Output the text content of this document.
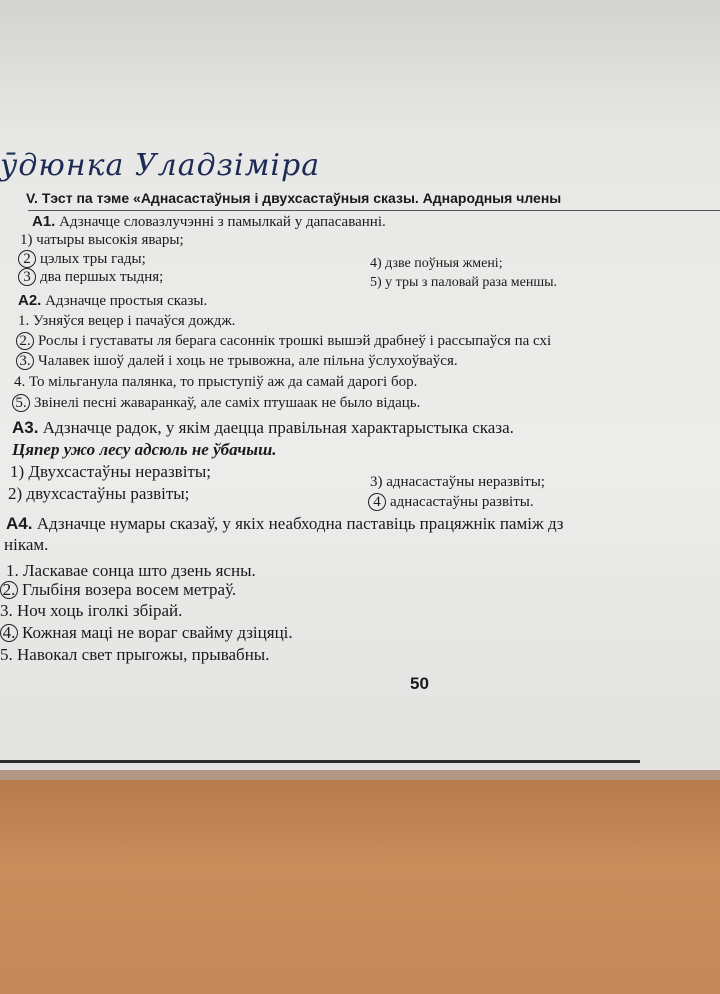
ӯдюнка Уладзіміра
V. Тэст па тэме «Аднасастаўныя і двухсастаўныя сказы. Аднародныя члены
А1. Адзначце словазлучэнні з памылкай у дапасаванні.
1) чатыры высокія явары;
2 цэлых тры гады;
3 два першых тыдня;
4) дзве поўныя жмені;
5) у тры з паловай раза меншы.
А2. Адзначце простыя сказы.
1. Узняўся вецер і пачаўся дождж.
2. Рослы і густаваты ля берага сасоннік трошкі вышэй драбнеў і рассыпаўся па схі
3. Чалавек ішоў далей і хоць не трывожна, але пільна ўслухоўваўся.
4. То мільганула палянка, то прыступіў аж да самай дарогі бор.
5. Звінелі песні жаваранкаў, але саміх птушаак не было відаць.
А3. Адзначце радок, у якім даецца правільная характарыстыка сказа.
Цяпер ужо лесу адсюль не ўбачыш.
1) Двухсастаўны неразвіты;
2) двухсастаўны развіты;
3) аднасастаўны неразвіты;
4 аднасастаўны развіты.
А4. Адзначце нумары сказаў, у якіх неабходна паставіць працяжнік паміж дз
нікам.
1. Ласкавае сонца што дзень ясны.
2. Глыбіня возера восем метраў.
3. Ноч хоць іголкі збірай.
4. Кожная маці не вораг свайму дзіцяці.
5. Навокал свет прыгожы, прывабны.
50
